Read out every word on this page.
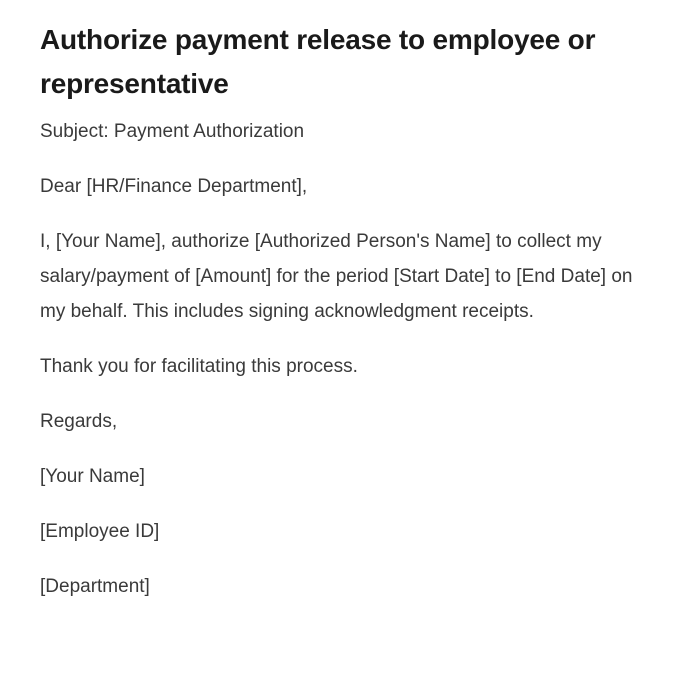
Authorize payment release to employee or representative

Subject: Payment Authorization

Dear [HR/Finance Department],

I, [Your Name], authorize [Authorized Person's Name] to collect my salary/payment of [Amount] for the period [Start Date] to [End Date] on my behalf. This includes signing acknowledgment receipts.

Thank you for facilitating this process.

Regards,

[Your Name]

[Employee ID]

[Department]
